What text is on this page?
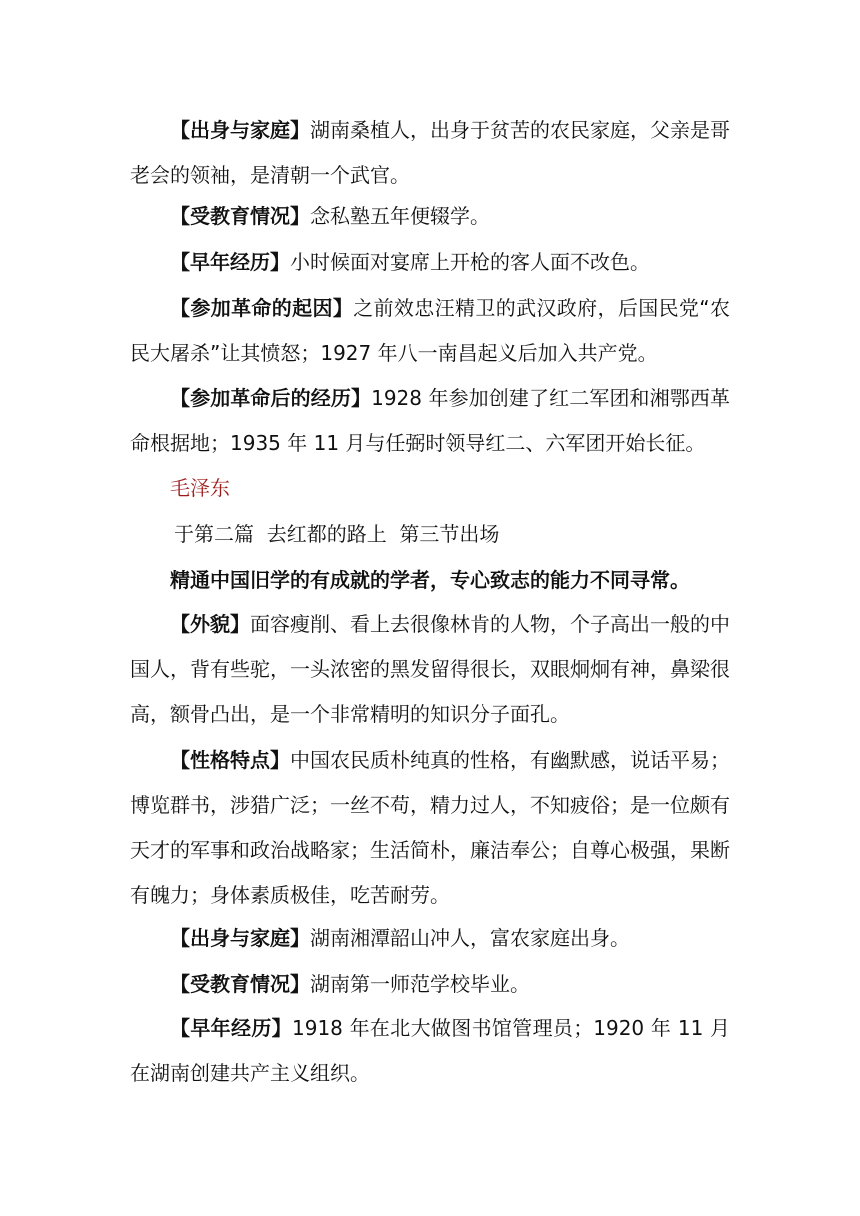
【出身与家庭】湖南桑植人，出身于贫苦的农民家庭，父亲是哥老会的领袖，是清朝一个武官。

【受教育情况】念私塾五年便辍学。

【早年经历】小时候面对宴席上开枪的客人面不改色。

【参加革命的起因】之前效忠汪精卫的武汉政府，后国民党“农民大屠杀”让其愤怒；1927 年八一南昌起义后加入共产党。

【参加革命后的经历】1928 年参加创建了红二军团和湘鄂西革命根据地；1935 年 11 月与任弼时领导红二、六军团开始长征。

毛泽东
于第二篇  去红都的路上  第三节出场
精通中国旧学的有成就的学者，专心致志的能力不同寻常。

【外貌】面容瘦削、看上去很像林肯的人物，个子高出一般的中国人，背有些驼，一头浓密的黑发留得很长，双眼炯炯有神，鼻梁很高，额骨凸出，是一个非常精明的知识分子面孔。

【性格特点】中国农民质朴纯真的性格，有幽默感，说话平易；博览群书，涉猎广泛；一丝不苟，精力过人，不知疲俗；是一位颇有天才的军事和政治战略家；生活简朴，廉洁奉公；自尊心极强，果断有魄力；身体素质极佳，吃苦耐劳。

【出身与家庭】湖南湘潭韶山冲人，富农家庭出身。

【受教育情况】湖南第一师范学校毕业。

【早年经历】1918 年在北大做图书馆管理员；1920 年 11 月在湖南创建共产主义组织。
